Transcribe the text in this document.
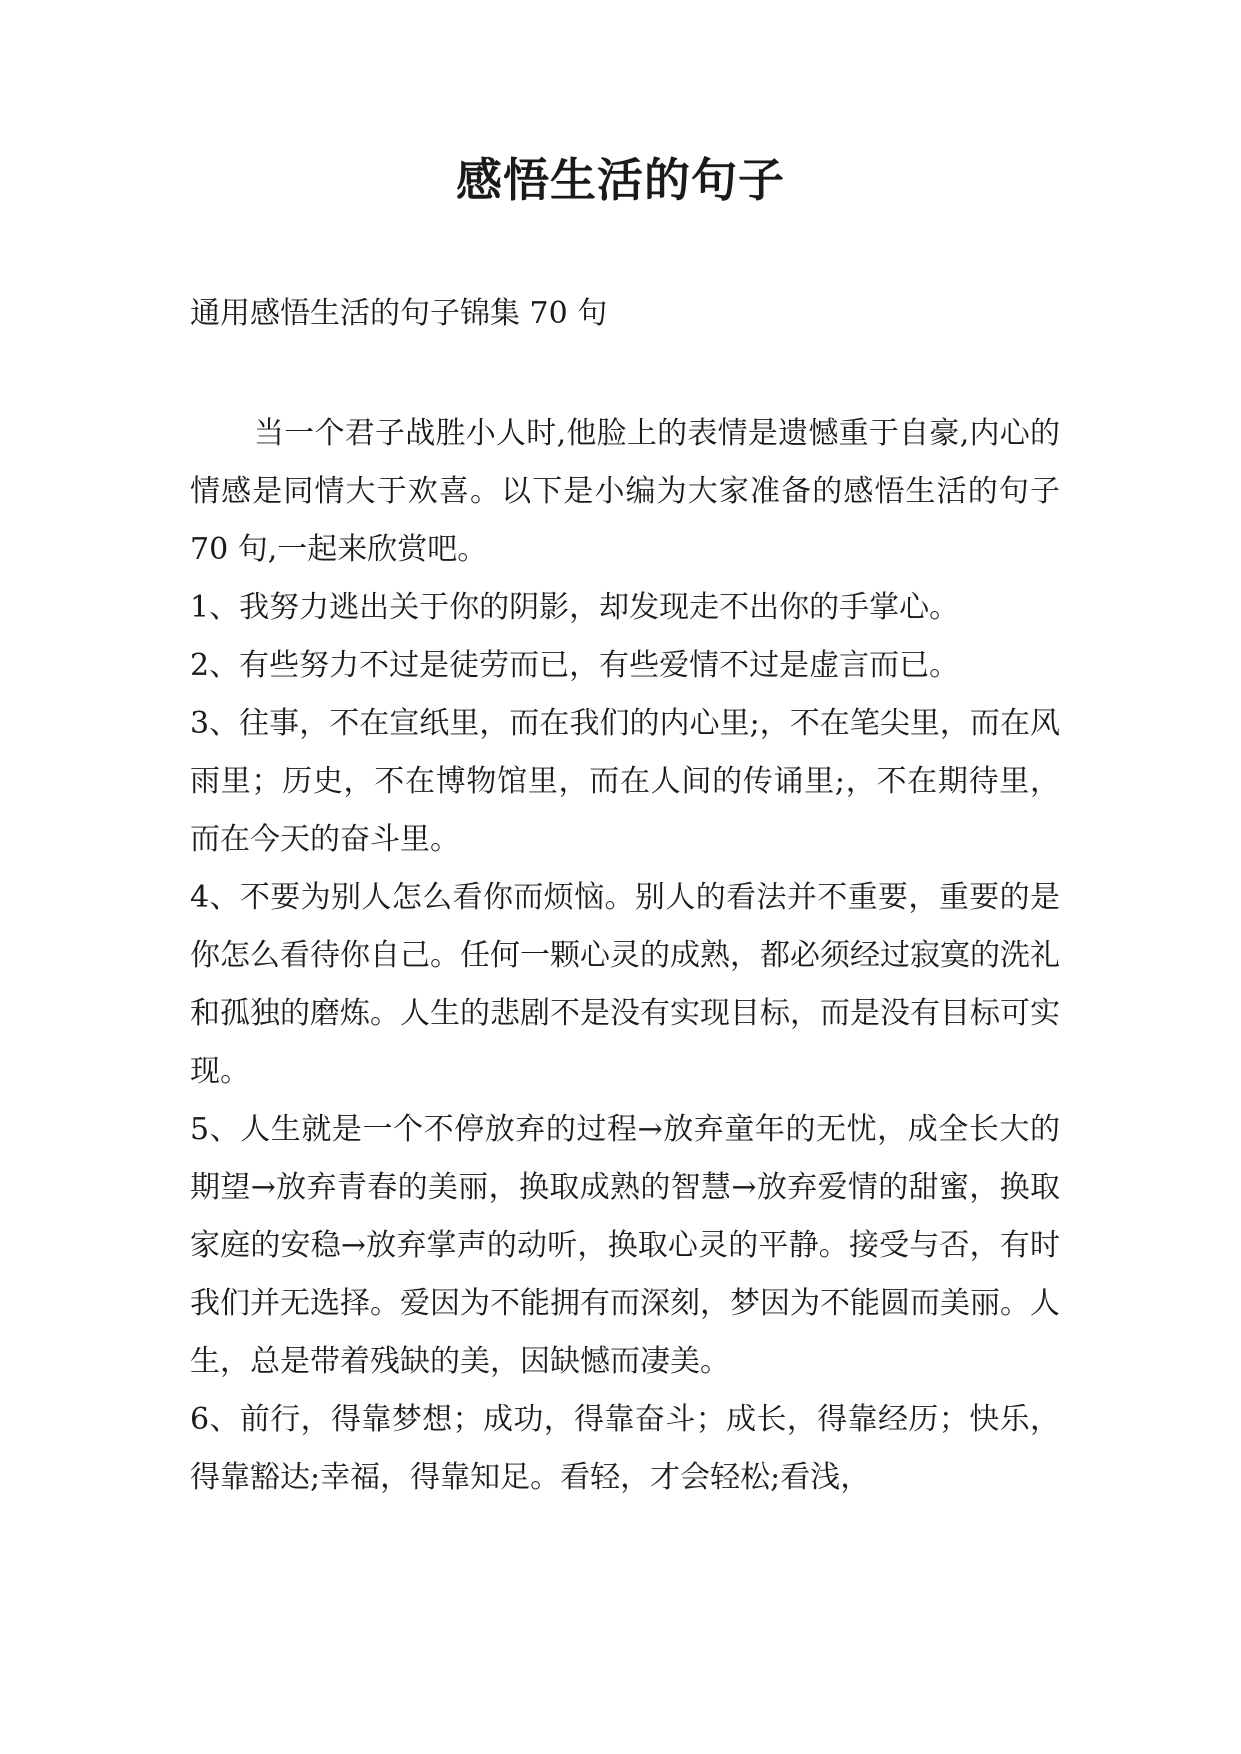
感悟生活的句子

通用感悟生活的句子锦集 70 句

当一个君子战胜小人时,他脸上的表情是遗憾重于自豪,内心的情感是同情大于欢喜。以下是小编为大家准备的感悟生活的句子 70 句,一起来欣赏吧。

1、我努力逃出关于你的阴影，却发现走不出你的手掌心。

2、有些努力不过是徒劳而已，有些爱情不过是虚言而已。

3、往事，不在宣纸里，而在我们的内心里;，不在笔尖里，而在风雨里；历史，不在博物馆里，而在人间的传诵里;，不在期待里，而在今天的奋斗里。

4、不要为别人怎么看你而烦恼。别人的看法并不重要，重要的是你怎么看待你自己。任何一颗心灵的成熟，都必须经过寂寞的洗礼和孤独的磨炼。人生的悲剧不是没有实现目标，而是没有目标可实现。

5、人生就是一个不停放弃的过程→放弃童年的无忧，成全长大的期望→放弃青春的美丽，换取成熟的智慧→放弃爱情的甜蜜，换取家庭的安稳→放弃掌声的动听，换取心灵的平静。接受与否，有时我们并无选择。爱因为不能拥有而深刻，梦因为不能圆而美丽。人生，总是带着残缺的美，因缺憾而凄美。

6、前行，得靠梦想；成功，得靠奋斗；成长，得靠经历；快乐，得靠豁达;幸福，得靠知足。看轻，才会轻松;看浅，
